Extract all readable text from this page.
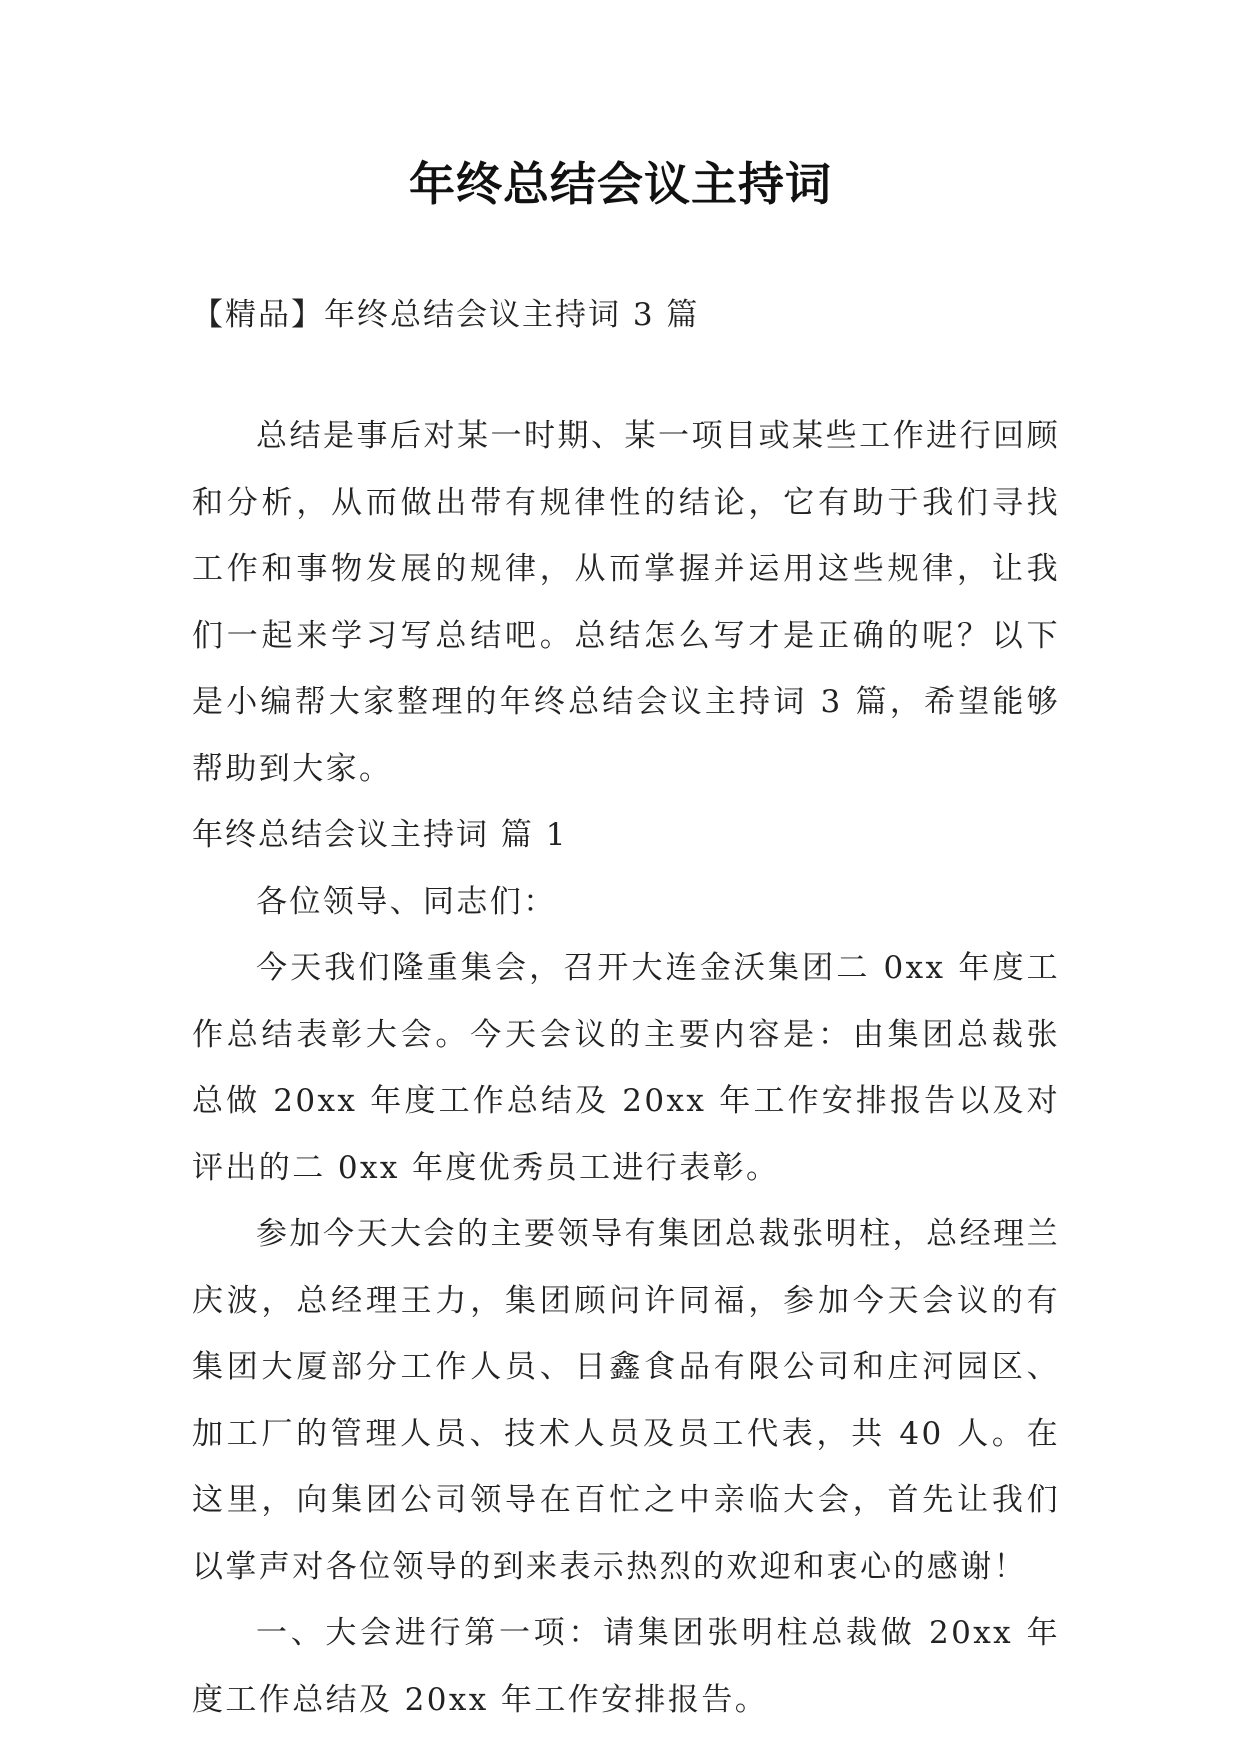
年终总结会议主持词
【精品】年终总结会议主持词 3 篇

总结是事后对某一时期、某一项目或某些工作进行回顾和分析，从而做出带有规律性的结论，它有助于我们寻找工作和事物发展的规律，从而掌握并运用这些规律，让我们一起来学习写总结吧。总结怎么写才是正确的呢？以下是小编帮大家整理的年终总结会议主持词 3 篇，希望能够帮助到大家。

年终总结会议主持词 篇 1

各位领导、同志们：

今天我们隆重集会，召开大连金沃集团二 0xx 年度工作总结表彰大会。今天会议的主要内容是：由集团总裁张总做 20xx 年度工作总结及 20xx 年工作安排报告以及对评出的二 0xx 年度优秀员工进行表彰。

参加今天大会的主要领导有集团总裁张明柱，总经理兰庆波，总经理王力，集团顾问许同福，参加今天会议的有集团大厦部分工作人员、日鑫食品有限公司和庄河园区、加工厂的管理人员、技术人员及员工代表，共 40 人。在这里，向集团公司领导在百忙之中亲临大会，首先让我们以掌声对各位领导的到来表示热烈的欢迎和衷心的感谢！

一、大会进行第一项：请集团张明柱总裁做 20xx 年度工作总结及 20xx 年工作安排报告。
